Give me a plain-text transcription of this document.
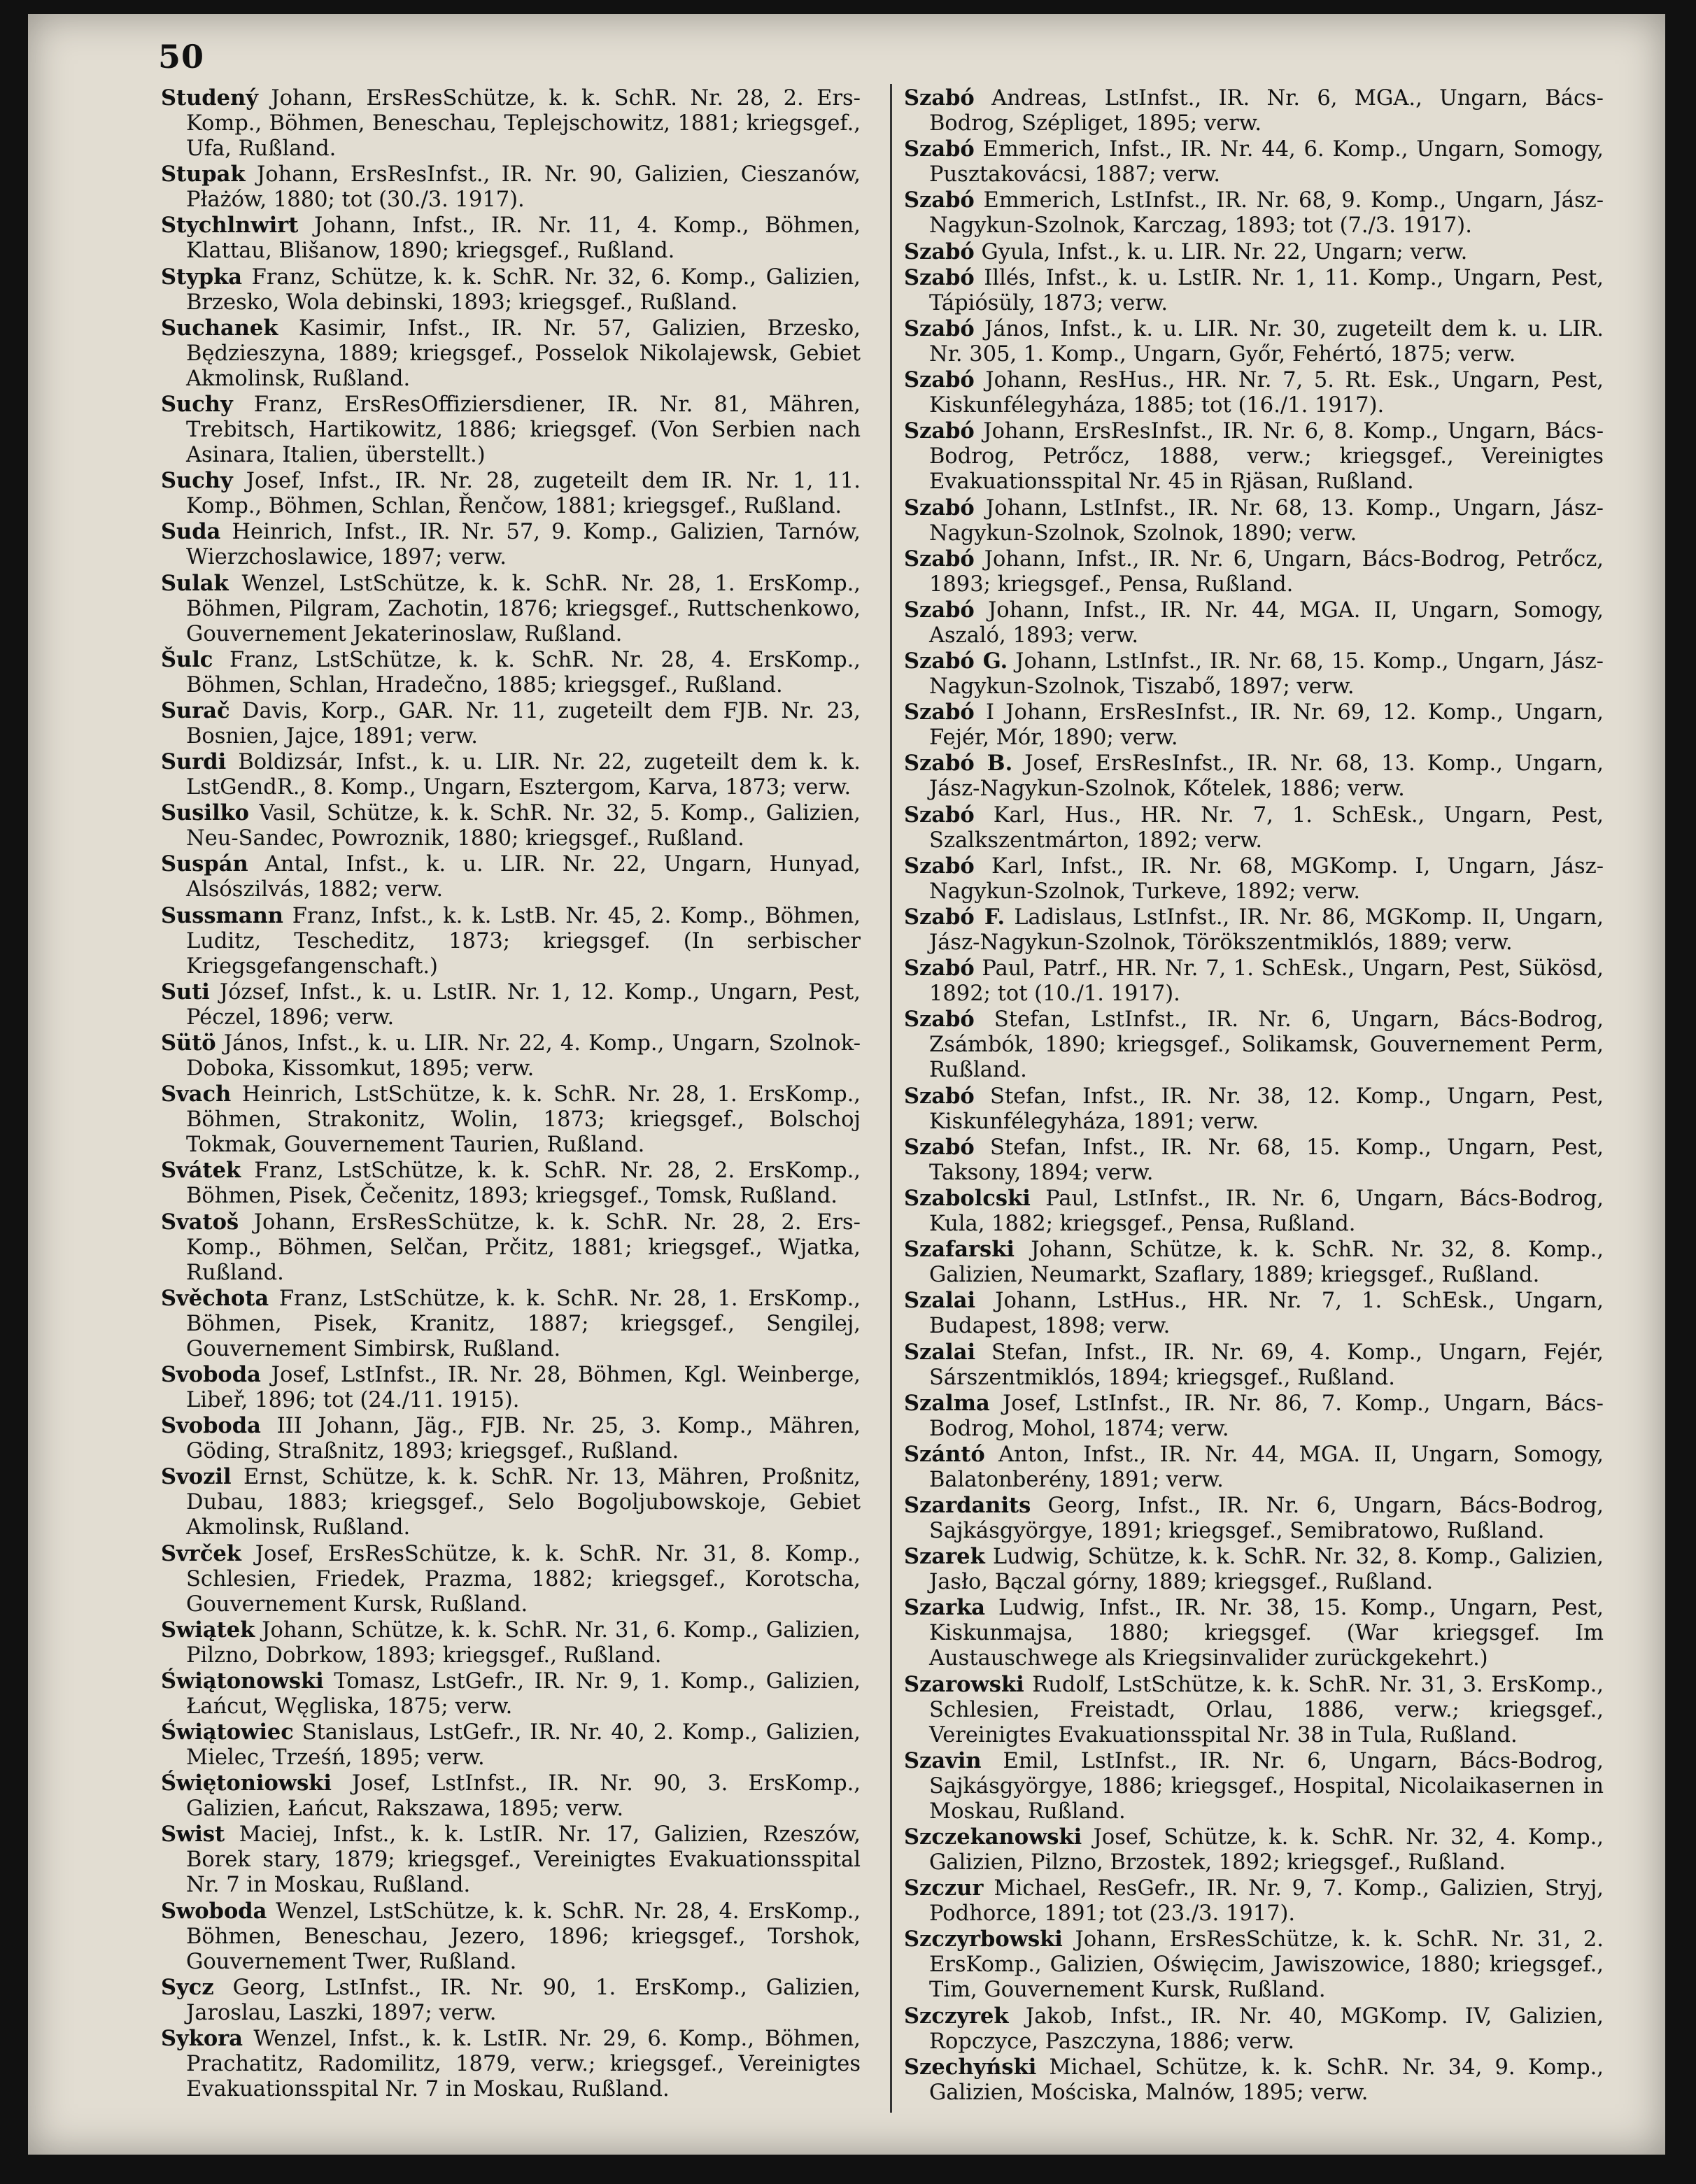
50

Studený Johann, ErsResSchütze, k. k. SchR. Nr. 28, 2. Ers-Komp., Böhmen, Beneschau, Teplejschowitz, 1881; kriegsgef., Ufa, Rußland.

Stupak Johann, ErsResInfst., IR. Nr. 90, Galizien, Cieszanów, Płażów, 1880; tot (30./3. 1917).

Stychlnwirt Johann, Infst., IR. Nr. 11, 4. Komp., Böhmen, Klattau, Blišanow, 1890; kriegsgef., Rußland.

Stypka Franz, Schütze, k. k. SchR. Nr. 32, 6. Komp., Galizien, Brzesko, Wola debinski, 1893; kriegsgef., Rußland.

Suchanek Kasimir, Infst., IR. Nr. 57, Galizien, Brzesko, Będzieszyna, 1889; kriegsgef., Posselok Nikolajewsk, Gebiet Akmolinsk, Rußland.

Suchy Franz, ErsResOffiziersdiener, IR. Nr. 81, Mähren, Trebitsch, Hartikowitz, 1886; kriegsgef. (Von Serbien nach Asinara, Italien, überstellt.)

Suchy Josef, Infst., IR. Nr. 28, zugeteilt dem IR. Nr. 1, 11. Komp., Böhmen, Schlan, Řenčow, 1881; kriegsgef., Rußland.

Suda Heinrich, Infst., IR. Nr. 57, 9. Komp., Galizien, Tarnów, Wierzchoslawice, 1897; verw.

Sulak Wenzel, LstSchütze, k. k. SchR. Nr. 28, 1. ErsKomp., Böhmen, Pilgram, Zachotin, 1876; kriegsgef., Ruttschenkowo, Gouvernement Jekaterinoslaw, Rußland.

Šulc Franz, LstSchütze, k. k. SchR. Nr. 28, 4. ErsKomp., Böhmen, Schlan, Hradečno, 1885; kriegsgef., Rußland.

Surač Davis, Korp., GAR. Nr. 11, zugeteilt dem FJB. Nr. 23, Bosnien, Jajce, 1891; verw.

Surdi Boldizsár, Infst., k. u. LIR. Nr. 22, zugeteilt dem k. k. LstGendR., 8. Komp., Ungarn, Esztergom, Karva, 1873; verw.

Susilko Vasil, Schütze, k. k. SchR. Nr. 32, 5. Komp., Galizien, Neu-Sandec, Powroznik, 1880; kriegsgef., Rußland.

Suspán Antal, Infst., k. u. LIR. Nr. 22, Ungarn, Hunyad, Alsószilvás, 1882; verw.

Sussmann Franz, Infst., k. k. LstB. Nr. 45, 2. Komp., Böhmen, Luditz, Tescheditz, 1873; kriegsgef. (In serbischer Kriegsgefangenschaft.)

Suti József, Infst., k. u. LstIR. Nr. 1, 12. Komp., Ungarn, Pest, Péczel, 1896; verw.

Sütö János, Infst., k. u. LIR. Nr. 22, 4. Komp., Ungarn, Szolnok-Doboka, Kissomkut, 1895; verw.

Svach Heinrich, LstSchütze, k. k. SchR. Nr. 28, 1. ErsKomp., Böhmen, Strakonitz, Wolin, 1873; kriegsgef., Bolschoj Tokmak, Gouvernement Taurien, Rußland.

Svátek Franz, LstSchütze, k. k. SchR. Nr. 28, 2. ErsKomp., Böhmen, Pisek, Čečenitz, 1893; kriegsgef., Tomsk, Rußland.

Svatoš Johann, ErsResSchütze, k. k. SchR. Nr. 28, 2. Ers-Komp., Böhmen, Selčan, Prčitz, 1881; kriegsgef., Wjatka, Rußland.

Svěchota Franz, LstSchütze, k. k. SchR. Nr. 28, 1. ErsKomp., Böhmen, Pisek, Kranitz, 1887; kriegsgef., Sengilej, Gouvernement Simbirsk, Rußland.

Svoboda Josef, LstInfst., IR. Nr. 28, Böhmen, Kgl. Weinberge, Libeř, 1896; tot (24./11. 1915).

Svoboda III Johann, Jäg., FJB. Nr. 25, 3. Komp., Mähren, Göding, Straßnitz, 1893; kriegsgef., Rußland.

Svozil Ernst, Schütze, k. k. SchR. Nr. 13, Mähren, Proßnitz, Dubau, 1883; kriegsgef., Selo Bogoljubowskoje, Gebiet Akmolinsk, Rußland.

Svrček Josef, ErsResSchütze, k. k. SchR. Nr. 31, 8. Komp., Schlesien, Friedek, Prazma, 1882; kriegsgef., Korotscha, Gouvernement Kursk, Rußland.

Swiątek Johann, Schütze, k. k. SchR. Nr. 31, 6. Komp., Galizien, Pilzno, Dobrkow, 1893; kriegsgef., Rußland.

Świątonowski Tomasz, LstGefr., IR. Nr. 9, 1. Komp., Galizien, Łańcut, Węgliska, 1875; verw.

Świątowiec Stanislaus, LstGefr., IR. Nr. 40, 2. Komp., Galizien, Mielec, Trześń, 1895; verw.

Świętoniowski Josef, LstInfst., IR. Nr. 90, 3. ErsKomp., Galizien, Łańcut, Rakszawa, 1895; verw.

Swist Maciej, Infst., k. k. LstIR. Nr. 17, Galizien, Rzeszów, Borek stary, 1879; kriegsgef., Vereinigtes Evakuationsspital Nr. 7 in Moskau, Rußland.

Swoboda Wenzel, LstSchütze, k. k. SchR. Nr. 28, 4. ErsKomp., Böhmen, Beneschau, Jezero, 1896; kriegsgef., Torshok, Gouvernement Twer, Rußland.

Sycz Georg, LstInfst., IR. Nr. 90, 1. ErsKomp., Galizien, Jaroslau, Laszki, 1897; verw.

Sykora Wenzel, Infst., k. k. LstIR. Nr. 29, 6. Komp., Böhmen, Prachatitz, Radomilitz, 1879, verw.; kriegsgef., Vereinigtes Evakuationsspital Nr. 7 in Moskau, Rußland.

Szabó Andreas, LstInfst., IR. Nr. 6, MGA., Ungarn, Bács-Bodrog, Szépliget, 1895; verw.

Szabó Emmerich, Infst., IR. Nr. 44, 6. Komp., Ungarn, Somogy, Pusztakovácsi, 1887; verw.

Szabó Emmerich, LstInfst., IR. Nr. 68, 9. Komp., Ungarn, Jász-Nagykun-Szolnok, Karczag, 1893; tot (7./3. 1917).

Szabó Gyula, Infst., k. u. LIR. Nr. 22, Ungarn; verw.

Szabó Illés, Infst., k. u. LstIR. Nr. 1, 11. Komp., Ungarn, Pest, Tápiósüly, 1873; verw.

Szabó János, Infst., k. u. LIR. Nr. 30, zugeteilt dem k. u. LIR. Nr. 305, 1. Komp., Ungarn, Győr, Fehértó, 1875; verw.

Szabó Johann, ResHus., HR. Nr. 7, 5. Rt. Esk., Ungarn, Pest, Kiskunfélegyháza, 1885; tot (16./1. 1917).

Szabó Johann, ErsResInfst., IR. Nr. 6, 8. Komp., Ungarn, Bács-Bodrog, Petrőcz, 1888, verw.; kriegsgef., Vereinigtes Evakuationsspital Nr. 45 in Rjäsan, Rußland.

Szabó Johann, LstInfst., IR. Nr. 68, 13. Komp., Ungarn, Jász-Nagykun-Szolnok, Szolnok, 1890; verw.

Szabó Johann, Infst., IR. Nr. 6, Ungarn, Bács-Bodrog, Petrőcz, 1893; kriegsgef., Pensa, Rußland.

Szabó Johann, Infst., IR. Nr. 44, MGA. II, Ungarn, Somogy, Aszaló, 1893; verw.

Szabó G. Johann, LstInfst., IR. Nr. 68, 15. Komp., Ungarn, Jász-Nagykun-Szolnok, Tiszabő, 1897; verw.

Szabó I Johann, ErsResInfst., IR. Nr. 69, 12. Komp., Ungarn, Fejér, Mór, 1890; verw.

Szabó B. Josef, ErsResInfst., IR. Nr. 68, 13. Komp., Ungarn, Jász-Nagykun-Szolnok, Kőtelek, 1886; verw.

Szabó Karl, Hus., HR. Nr. 7, 1. SchEsk., Ungarn, Pest, Szalkszentmárton, 1892; verw.

Szabó Karl, Infst., IR. Nr. 68, MGKomp. I, Ungarn, Jász-Nagykun-Szolnok, Turkeve, 1892; verw.

Szabó F. Ladislaus, LstInfst., IR. Nr. 86, MGKomp. II, Ungarn, Jász-Nagykun-Szolnok, Törökszentmiklós, 1889; verw.

Szabó Paul, Patrf., HR. Nr. 7, 1. SchEsk., Ungarn, Pest, Sükösd, 1892; tot (10./1. 1917).

Szabó Stefan, LstInfst., IR. Nr. 6, Ungarn, Bács-Bodrog, Zsámbók, 1890; kriegsgef., Solikamsk, Gouvernement Perm, Rußland.

Szabó Stefan, Infst., IR. Nr. 38, 12. Komp., Ungarn, Pest, Kiskunfélegyháza, 1891; verw.

Szabó Stefan, Infst., IR. Nr. 68, 15. Komp., Ungarn, Pest, Taksony, 1894; verw.

Szabolcski Paul, LstInfst., IR. Nr. 6, Ungarn, Bács-Bodrog, Kula, 1882; kriegsgef., Pensa, Rußland.

Szafarski Johann, Schütze, k. k. SchR. Nr. 32, 8. Komp., Galizien, Neumarkt, Szaflary, 1889; kriegsgef., Rußland.

Szalai Johann, LstHus., HR. Nr. 7, 1. SchEsk., Ungarn, Budapest, 1898; verw.

Szalai Stefan, Infst., IR. Nr. 69, 4. Komp., Ungarn, Fejér, Sárszentmiklós, 1894; kriegsgef., Rußland.

Szalma Josef, LstInfst., IR. Nr. 86, 7. Komp., Ungarn, Bács-Bodrog, Mohol, 1874; verw.

Szántó Anton, Infst., IR. Nr. 44, MGA. II, Ungarn, Somogy, Balatonberény, 1891; verw.

Szardanits Georg, Infst., IR. Nr. 6, Ungarn, Bács-Bodrog, Sajkásgyörgye, 1891; kriegsgef., Semibratowo, Rußland.

Szarek Ludwig, Schütze, k. k. SchR. Nr. 32, 8. Komp., Galizien, Jasło, Bączal górny, 1889; kriegsgef., Rußland.

Szarka Ludwig, Infst., IR. Nr. 38, 15. Komp., Ungarn, Pest, Kiskunmajsa, 1880; kriegsgef. (War kriegsgef. Im Austauschwege als Kriegsinvalider zurückgekehrt.)

Szarowski Rudolf, LstSchütze, k. k. SchR. Nr. 31, 3. ErsKomp., Schlesien, Freistadt, Orlau, 1886, verw.; kriegsgef., Vereinigtes Evakuationsspital Nr. 38 in Tula, Rußland.

Szavin Emil, LstInfst., IR. Nr. 6, Ungarn, Bács-Bodrog, Sajkásgyörgye, 1886; kriegsgef., Hospital, Nicolaikasernen in Moskau, Rußland.

Szczekanowski Josef, Schütze, k. k. SchR. Nr. 32, 4. Komp., Galizien, Pilzno, Brzostek, 1892; kriegsgef., Rußland.

Szczur Michael, ResGefr., IR. Nr. 9, 7. Komp., Galizien, Stryj, Podhorce, 1891; tot (23./3. 1917).

Szczyrbowski Johann, ErsResSchütze, k. k. SchR. Nr. 31, 2. ErsKomp., Galizien, Oświęcim, Jawiszowice, 1880; kriegsgef., Tim, Gouvernement Kursk, Rußland.

Szczyrek Jakob, Infst., IR. Nr. 40, MGKomp. IV, Galizien, Ropczyce, Paszczyna, 1886; verw.

Szechyński Michael, Schütze, k. k. SchR. Nr. 34, 9. Komp., Galizien, Mościska, Malnów, 1895; verw.
